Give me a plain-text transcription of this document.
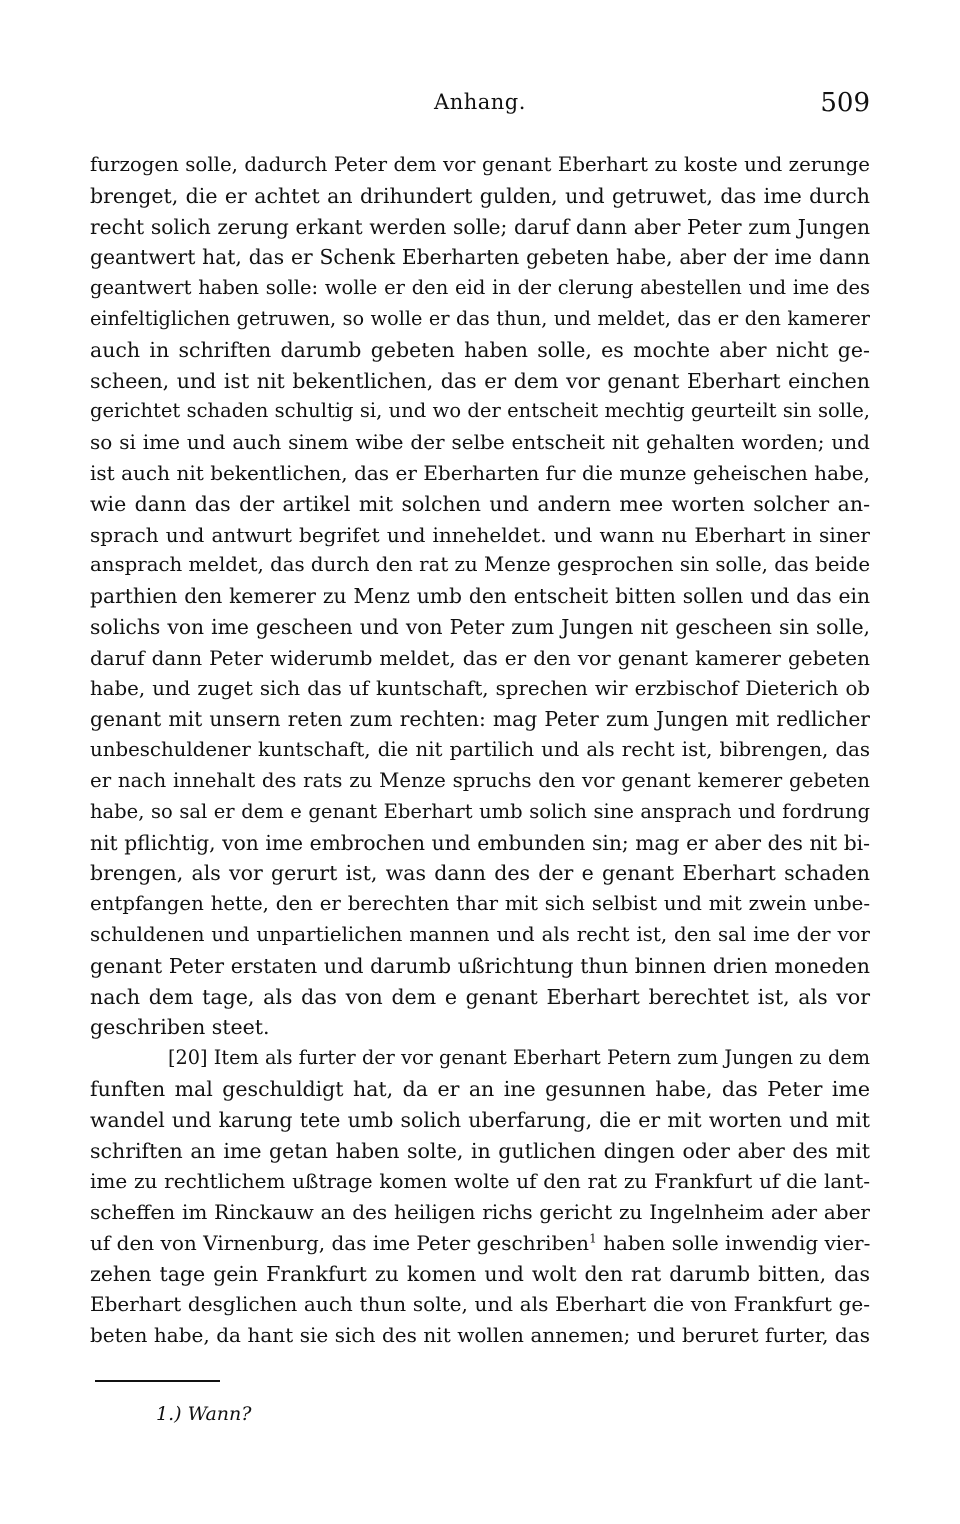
Anhang.	509
furzogen solle, dadurch Peter dem vor genant Eberhart zu koste und zerunge
brenget, die er achtet an drihundert gulden, und getruwet, das ime durch
recht solich zerung erkant werden solle; daruf dann aber Peter zum Jungen
geantwert hat, das er Schenk Eberharten gebeten habe, aber der ime dann
geantwert haben solle: wolle er den eid in der clerung abestellen und ime des
einfeltiglichen getruwen, so wolle er das thun, und meldet, das er den kamerer
auch in schriften darumb gebeten haben solle, es mochte aber nicht ge-
scheen, und ist nit bekentlichen, das er dem vor genant Eberhart einchen
gerichtet schaden schultig si, und wo der entscheit mechtig geurteilt sin solle,
so si ime und auch sinem wibe der selbe entscheit nit gehalten worden; und
ist auch nit bekentlichen, das er Eberharten fur die munze geheischen habe,
wie dann das der artikel mit solchen und andern mee worten solcher an-
sprach und antwurt begrifet und inneheldet. und wann nu Eberhart in siner
ansprach meldet, das durch den rat zu Menze gesprochen sin solle, das beide
parthien den kemerer zu Menz umb den entscheit bitten sollen und das ein
solichs von ime gescheen und von Peter zum Jungen nit gescheen sin solle,
daruf dann Peter widerumb meldet, das er den vor genant kamerer gebeten
habe, und zuget sich das uf kuntschaft, sprechen wir erzbischof Dieterich ob
genant mit unsern reten zum rechten: mag Peter zum Jungen mit redlicher
unbeschuldener kuntschaft, die nit partilich und als recht ist, bibrengen, das
er nach innehalt des rats zu Menze spruchs den vor genant kemerer gebeten
habe, so sal er dem e genant Eberhart umb solich sine ansprach und fordrung
nit pflichtig, von ime embrochen und embunden sin; mag er aber des nit bi-
brengen, als vor gerurt ist, was dann des der e genant Eberhart schaden
entpfangen hette, den er berechten thar mit sich selbist und mit zwein unbe-
schuldenen und unpartielichen mannen und als recht ist, den sal ime der vor
genant Peter erstaten und darumb ußrichtung thun binnen drien moneden
nach dem tage, als das von dem e genant Eberhart berechtet ist, als vor
geschriben steet.
[20] Item als furter der vor genant Eberhart Petern zum Jungen zu dem
funften mal geschuldigt hat, da er an ine gesunnen habe, das Peter ime
wandel und karung tete umb solich uberfarung, die er mit worten und mit
schriften an ime getan haben solte, in gutlichen dingen oder aber des mit
ime zu rechtlichem ußtrage komen wolte uf den rat zu Frankfurt uf die lant-
scheffen im Rinckauw an des heiligen richs gericht zu Ingelnheim ader aber
uf den von Virnenburg, das ime Peter geschriben$^1$ haben solle inwendig vier-
zehen tage gein Frankfurt zu komen und wolt den rat darumb bitten, das
Eberhart desglichen auch thun solte, und als Eberhart die von Frankfurt ge-
beten habe, da hant sie sich des nit wollen annemen; und beruret furter, das
1.) Wann?
